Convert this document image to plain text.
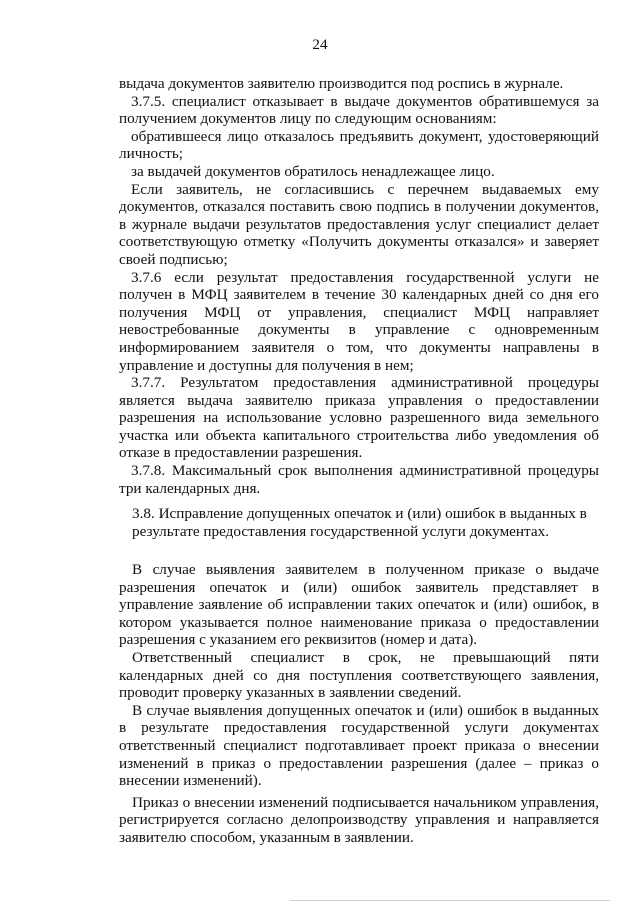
24

выдача документов заявителю производится под роспись в журнале.

3.7.5. специалист отказывает в выдаче документов обратившемуся за получением документов лицу по следующим основаниям:

обратившееся лицо отказалось предъявить документ, удостоверяющий личность;

за выдачей документов обратилось ненадлежащее лицо.

Если заявитель, не согласившись с перечнем выдаваемых ему документов, отказался поставить свою подпись в получении документов, в журнале выдачи результатов предоставления услуг специалист делает соответствующую отметку «Получить документы отказался» и заверяет своей подписью;

3.7.6 если результат предоставления государственной услуги не получен в МФЦ заявителем в течение 30 календарных дней со дня его получения МФЦ от управления, специалист МФЦ направляет невостребованные документы в управление с одновременным информированием заявителя о том, что документы направлены в управление и доступны для получения в нем;

3.7.7. Результатом предоставления административной процедуры является выдача заявителю приказа управления о предоставлении разрешения на использование условно разрешенного вида земельного участка или объекта капитального строительства либо уведомления об отказе в предоставлении разрешения.

3.7.8. Максимальный срок выполнения административной процедуры три календарных дня.

3.8. Исправление допущенных опечаток и (или) ошибок в выданных в результате предоставления государственной услуги документах.

В случае выявления заявителем в полученном приказе о выдаче разрешения опечаток и (или) ошибок заявитель представляет в управление заявление об исправлении таких опечаток и (или) ошибок, в котором указывается полное наименование приказа о предоставлении разрешения с указанием его реквизитов (номер и дата).

Ответственный специалист в срок, не превышающий пяти календарных дней со дня поступления соответствующего заявления, проводит проверку указанных в заявлении сведений.

В случае выявления допущенных опечаток и (или) ошибок в выданных в результате предоставления государственной услуги документах ответственный специалист подготавливает проект приказа о внесении изменений в приказ о предоставлении разрешения (далее – приказ о внесении изменений).

Приказ о внесении изменений подписывается начальником управления, регистрируется согласно делопроизводству управления и направляется заявителю способом, указанным в заявлении.
